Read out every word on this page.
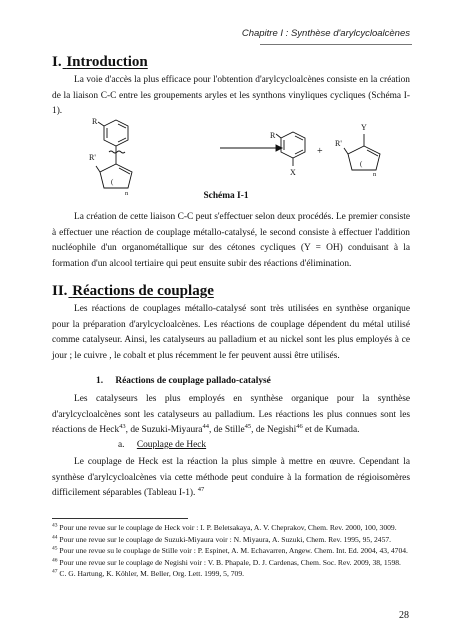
Chapitre I : Synthèse d'arylcycloalcènes
I. Introduction
La voie d'accès la plus efficace pour l'obtention d'arylcycloalcènes consiste en la création de la liaison C-C entre les groupements aryles et les synthons vinyliques cycliques (Schéma I-1).
R
R'
(
n
R
X
+
Y
R'
(
n
Schéma I-1
La création de cette liaison C-C peut s'effectuer selon deux procédés. Le premier consiste à effectuer une réaction de couplage métallo-catalysé, le second consiste à effectuer l'addition nucléophile d'un organométallique sur des cétones cycliques (Y = OH) conduisant à la formation d'un alcool tertiaire qui peut ensuite subir des réactions d'élimination.
II. Réactions de couplage
Les réactions de couplages métallo-catalysé sont très utilisées en synthèse organique pour la préparation d'arylcycloalcènes. Les réactions de couplage dépendent du métal utilisé comme catalyseur. Ainsi, les catalyseurs au palladium et au nickel sont les plus employés à ce jour ; le cuivre , le cobalt et plus récemment le fer peuvent aussi être utilisés.
1. Réactions de couplage pallado-catalysé
Les catalyseurs les plus employés en synthèse organique pour la synthèse d'arylcycloalcènes sont les catalyseurs au palladium. Les réactions les plus connues sont les réactions de Heck$^{43}$, de Suzuki-Miyaura$^{44}$, de Stille$^{45}$, de Negishi$^{46}$ et de Kumada.
a. Couplage de Heck
Le couplage de Heck est la réaction la plus simple à mettre en œuvre. Cependant la synthèse d'arylcycloalcènes via cette méthode peut conduire à la formation de régioisomères difficilement séparables (Tableau I-1). $^{47}$
$^{43}$ Pour une revue sur le couplage de Heck voir : I. P. Beletsakaya, A. V. Cheprakov, Chem. Rev. 2000, 100, 3009.
$^{44}$ Pour une revue sur le couplage de Suzuki-Miyaura voir : N. Miyaura, A. Suzuki, Chem. Rev. 1995, 95, 2457.
$^{45}$ Pour une revue su le couplage de Stille voir : P. Espinet, A. M. Echavarren, Angew. Chem. Int. Ed. 2004, 43, 4704.
$^{46}$ Pour une revue sur le couplage de Negishi voir : V. B. Phapale, D. J. Cardenas, Chem. Soc. Rev. 2009, 38, 1598.
$^{47}$ C. G. Hartung, K. Köhler, M. Beller, Org. Lett. 1999, 5, 709.
28
